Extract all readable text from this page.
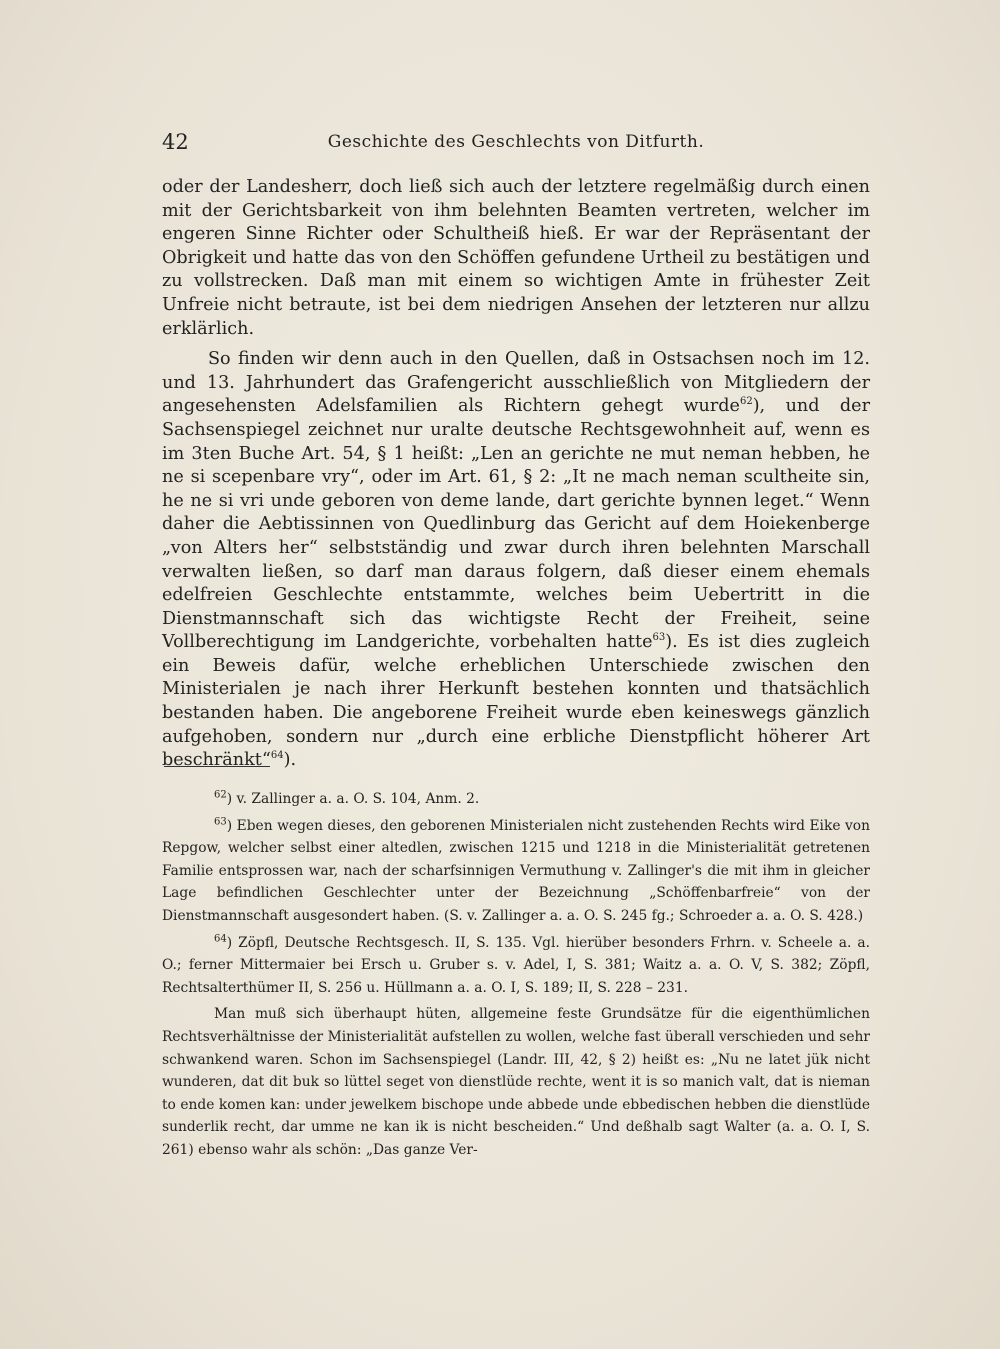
42	Geschichte des Geschlechts von Ditfurth.

oder der Landesherr, doch ließ sich auch der letztere regelmäßig durch einen mit der Gerichtsbarkeit von ihm belehnten Beamten vertreten, welcher im engeren Sinne Richter oder Schultheiß hieß. Er war der Repräsentant der Obrigkeit und hatte das von den Schöffen gefundene Urtheil zu bestätigen und zu vollstrecken. Daß man mit einem so wichtigen Amte in frühester Zeit Unfreie nicht betraute, ist bei dem niedrigen Ansehen der letzteren nur allzu erklärlich.

So finden wir denn auch in den Quellen, daß in Ostsachsen noch im 12. und 13. Jahrhundert das Grafengericht ausschließlich von Mitgliedern der angesehensten Adelsfamilien als Richtern gehegt wurde$^{62}$), und der Sachsenspiegel zeichnet nur uralte deutsche Rechtsgewohnheit auf, wenn es im 3ten Buche Art. 54, § 1 heißt: „Len an gerichte ne mut neman hebben, he ne si scepenbare vry“, oder im Art. 61, § 2: „It ne mach neman scultheite sin, he ne si vri unde geboren von deme lande, dart gerichte bynnen leget.“ Wenn daher die Aebtissinnen von Quedlinburg das Gericht auf dem Hoiekenberge „von Alters her“ selbstständig und zwar durch ihren belehnten Marschall verwalten ließen, so darf man daraus folgern, daß dieser einem ehemals edelfreien Geschlechte entstammte, welches beim Uebertritt in die Dienstmannschaft sich das wichtigste Recht der Freiheit, seine Vollberechtigung im Landgerichte, vorbehalten hatte$^{63}$). Es ist dies zugleich ein Beweis dafür, welche erheblichen Unterschiede zwischen den Ministerialen je nach ihrer Herkunft bestehen konnten und thatsächlich bestanden haben. Die angeborene Freiheit wurde eben keineswegs gänzlich aufgehoben, sondern nur „durch eine erbliche Dienstpflicht höherer Art beschränkt“$^{64}$).

$^{62}$) v. Zallinger a. a. O. S. 104, Anm. 2.

$^{63}$) Eben wegen dieses, den geborenen Ministerialen nicht zustehenden Rechts wird Eike von Repgow, welcher selbst einer altedlen, zwischen 1215 und 1218 in die Ministerialität getretenen Familie entsprossen war, nach der scharfsinnigen Vermuthung v. Zallinger's die mit ihm in gleicher Lage befindlichen Geschlechter unter der Bezeichnung „Schöffenbarfreie“ von der Dienstmannschaft ausgesondert haben. (S. v. Zallinger a. a. O. S. 245 fg.; Schroeder a. a. O. S. 428.)

$^{64}$) Zöpfl, Deutsche Rechtsgesch. II, S. 135. Vgl. hierüber besonders Frhrn. v. Scheele a. a. O.; ferner Mittermaier bei Ersch u. Gruber s. v. Adel, I, S. 381; Waitz a. a. O. V, S. 382; Zöpfl, Rechtsalterthümer II, S. 256 u. Hüllmann a. a. O. I, S. 189; II, S. 228 – 231.

Man muß sich überhaupt hüten, allgemeine feste Grundsätze für die eigenthümlichen Rechtsverhältnisse der Ministerialität aufstellen zu wollen, welche fast überall verschieden und sehr schwankend waren. Schon im Sachsenspiegel (Landr. III, 42, § 2) heißt es: „Nu ne latet jük nicht wunderen, dat dit buk so lüttel seget von dienstlüde rechte, went it is so manich valt, dat is nieman to ende komen kan: under jewelkem bischope unde abbede unde ebbedischen hebben die dienstlüde sunderlik recht, dar umme ne kan ik is nicht bescheiden.“ Und deßhalb sagt Walter (a. a. O. I, S. 261) ebenso wahr als schön: „Das ganze Ver-
